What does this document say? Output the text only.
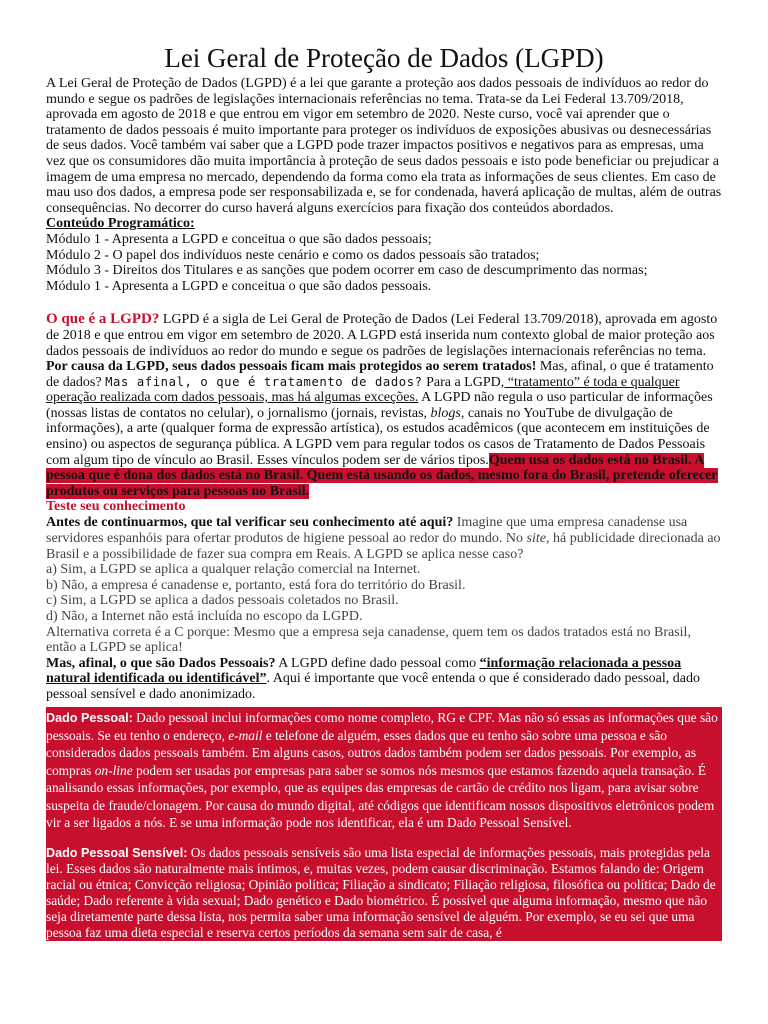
Lei Geral de Proteção de Dados (LGPD)

A Lei Geral de Proteção de Dados (LGPD) é a lei que garante a proteção aos dados pessoais de indivíduos ao redor do mundo e segue os padrões de legislações internacionais referências no tema. Trata-se da Lei Federal 13.709/2018, aprovada em agosto de 2018 e que entrou em vigor em setembro de 2020. Neste curso, você vai aprender que o tratamento de dados pessoais é muito importante para proteger os indivíduos de exposições abusivas ou desnecessárias de seus dados. Você também vai saber que a LGPD pode trazer impactos positivos e negativos para as empresas, uma vez que os consumidores dão muita importância à proteção de seus dados pessoais e isto pode beneficiar ou prejudicar a imagem de uma empresa no mercado, dependendo da forma como ela trata as informações de seus clientes. Em caso de mau uso dos dados, a empresa pode ser responsabilizada e, se for condenada, haverá aplicação de multas, além de outras consequências. No decorrer do curso haverá alguns exercícios para fixação dos conteúdos abordados.

Conteúdo Programático:
Módulo 1 - Apresenta a LGPD e conceitua o que são dados pessoais;
Módulo 2 - O papel dos indivíduos neste cenário e como os dados pessoais são tratados;
Módulo 3 - Direitos dos Titulares e as sanções que podem ocorrer em caso de descumprimento das normas;
Módulo 1 - Apresenta a LGPD e conceitua o que são dados pessoais.

O que é a LGPD? LGPD é a sigla de Lei Geral de Proteção de Dados (Lei Federal 13.709/2018), aprovada em agosto de 2018 e que entrou em vigor em setembro de 2020. A LGPD está inserida num contexto global de maior proteção aos dados pessoais de indivíduos ao redor do mundo e segue os padrões de legislações internacionais referências no tema. Por causa da LGPD, seus dados pessoais ficam mais protegidos ao serem tratados! Mas, afinal, o que é tratamento de dados? Mas afinal, o que é tratamento de dados? Para a LGPD, “tratamento” é toda e qualquer operação realizada com dados pessoais, mas há algumas exceções. A LGPD não regula o uso particular de informações (nossas listas de contatos no celular), o jornalismo (jornais, revistas, blogs, canais no YouTube de divulgação de informações), a arte (qualquer forma de expressão artística), os estudos acadêmicos (que acontecem em instituições de ensino) ou aspectos de segurança pública. A LGPD vem para regular todos os casos de Tratamento de Dados Pessoais com algum tipo de vínculo ao Brasil. Esses vínculos podem ser de vários tipos.Quem usa os dados está no Brasil. A pessoa que é dona dos dados está no Brasil. Quem está usando os dados, mesmo fora do Brasil, pretende oferecer produtos ou serviços para pessoas no Brasil.

Teste seu conhecimento

Antes de continuarmos, que tal verificar seu conhecimento até aqui? Imagine que uma empresa canadense usa servidores espanhóis para ofertar produtos de higiene pessoal ao redor do mundo. No site, há publicidade direcionada ao Brasil e a possibilidade de fazer sua compra em Reais. A LGPD se aplica nesse caso?

a) Sim, a LGPD se aplica a qualquer relação comercial na Internet.
b) Não, a empresa é canadense e, portanto, está fora do território do Brasil.
c) Sim, a LGPD se aplica a dados pessoais coletados no Brasil.
d) Não, a Internet não está incluída no escopo da LGPD.

Alternativa correta é a C porque: Mesmo que a empresa seja canadense, quem tem os dados tratados está no Brasil, então a LGPD se aplica!

Mas, afinal, o que são Dados Pessoais? A LGPD define dado pessoal como “informação relacionada a pessoa natural identificada ou identificável”. Aqui é importante que você entenda o que é considerado dado pessoal, dado pessoal sensível e dado anonimizado.

Dado Pessoal: Dado pessoal inclui informações como nome completo, RG e CPF. Mas não só essas as informações que são pessoais. Se eu tenho o endereço, e-mail e telefone de alguém, esses dados que eu tenho são sobre uma pessoa e são considerados dados pessoais também. Em alguns casos, outros dados também podem ser dados pessoais. Por exemplo, as compras on-line podem ser usadas por empresas para saber se somos nós mesmos que estamos fazendo aquela transação. É analisando essas informações, por exemplo, que as equipes das empresas de cartão de crédito nos ligam, para avisar sobre suspeita de fraude/clonagem. Por causa do mundo digital, até códigos que identificam nossos dispositivos eletrônicos podem vir a ser ligados a nós. E se uma informação pode nos identificar, ela é um Dado Pessoal Sensível.

Dado Pessoal Sensível: Os dados pessoais sensíveis são uma lista especial de informações pessoais, mais protegidas pela lei. Esses dados são naturalmente mais íntimos, e, muitas vezes, podem causar discriminação. Estamos falando de: Origem racial ou étnica; Convicção religiosa; Opinião política; Filiação a sindicato; Filiação religiosa, filosófica ou política; Dado de saúde; Dado referente à vida sexual; Dado genético e Dado biométrico. É possível que alguma informação, mesmo que não seja diretamente parte dessa lista, nos permita saber uma informação sensível de alguém. Por exemplo, se eu sei que uma pessoa faz uma dieta especial e reserva certos períodos da semana sem sair de casa, é
